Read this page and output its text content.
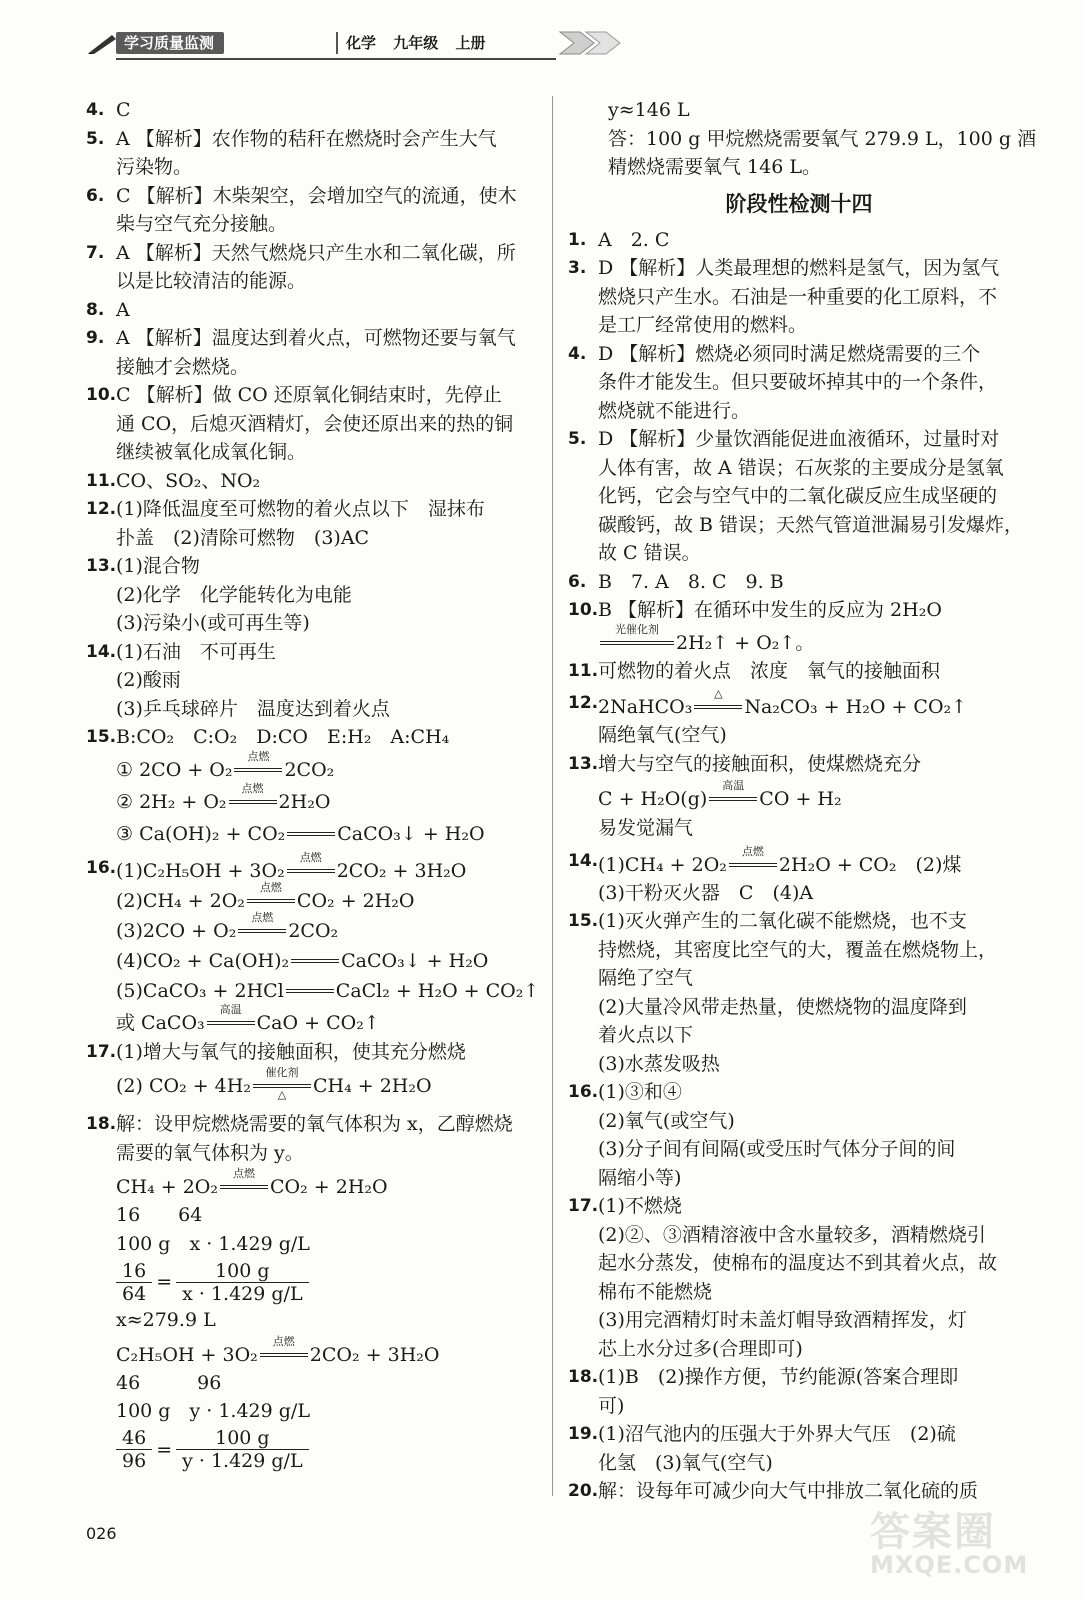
学习质量监测	化学 九年级 上册
4. C
5. A 【解析】农作物的秸秆在燃烧时会产生大气
污染物。
6. C 【解析】木柴架空，会增加空气的流通，使木
柴与空气充分接触。
7. A 【解析】天然气燃烧只产生水和二氧化碳，所
以是比较清洁的能源。
8. A
9. A 【解析】温度达到着火点，可燃物还要与氧气
接触才会燃烧。
10. C 【解析】做 CO 还原氧化铜结束时，先停止
通 CO，后熄灭酒精灯，会使还原出来的热的铜
继续被氧化成氧化铜。
11. CO、SO₂、NO₂
12. (1)降低温度至可燃物的着火点以下　湿抹布
扑盖　(2)清除可燃物　(3)AC
13. (1)混合物
(2)化学　化学能转化为电能
(3)污染小(或可再生等)
14. (1)石油　不可再生
(2)酸雨
(3)乒乓球碎片　温度达到着火点
15. B:CO₂　C:O₂　D:CO　E:H₂　A:CH₄
① 2CO + O₂
点燃
2CO₂
② 2H₂ + O₂
点燃
2H₂O
③ Ca(OH)₂ + CO₂	CaCO₃↓ + H₂O
16. (1)C₂H₅OH + 3O₂
点燃
2CO₂ + 3H₂O
(2)CH₄ + 2O₂
点燃
CO₂ + 2H₂O
(3)2CO + O₂
点燃
2CO₂
(4)CO₂ + Ca(OH)₂	CaCO₃↓ + H₂O
(5)CaCO₃ + 2HCl	CaCl₂ + H₂O + CO₂↑
或 CaCO₃
高温
CaO + CO₂↑
17. (1)增大与氧气的接触面积，使其充分燃烧
(2) CO₂ + 4H₂
催化剂
△	CH₄ + 2H₂O
18. 解：设甲烷燃烧需要的氧气体积为 x，乙醇燃烧
需要的氧气体积为 y。
CH₄ + 2O₂
点燃
CO₂ + 2H₂O
16　　64
100 g　x · 1.429 g/L
$\frac{16}{64} = \frac{100 g}{x \cdot 1.429 g/L}$
x≈279.9 L
C₂H₅OH + 3O₂
点燃
2CO₂ + 3H₂O
46　　　96
100 g　y · 1.429 g/L
$\frac{46}{96} = \frac{100 g}{y \cdot 1.429 g/L}$
y≈146 L
答：100 g 甲烷燃烧需要氧气 279.9 L，100 g 酒
精燃烧需要氧气 146 L。
阶段性检测十四
1. A　2. C
3. D 【解析】人类最理想的燃料是氢气，因为氢气
燃烧只产生水。石油是一种重要的化工原料，不
是工厂经常使用的燃料。
4. D 【解析】燃烧必须同时满足燃烧需要的三个
条件才能发生。但只要破坏掉其中的一个条件，
燃烧就不能进行。
5. D 【解析】少量饮酒能促进血液循环，过量时对
人体有害，故 A 错误；石灰浆的主要成分是氢氧
化钙，它会与空气中的二氧化碳反应生成坚硬的
碳酸钙，故 B 错误；天然气管道泄漏易引发爆炸，
故 C 错误。
6. B　7. A　8. C　9. B
10. B 【解析】在循环中发生的反应为 2H₂O
光催化剂
2H₂↑ + O₂↑。
11. 可燃物的着火点　浓度　氧气的接触面积
12. 2NaHCO₃
△
Na₂CO₃ + H₂O + CO₂↑
隔绝氧气(空气)
13. 增大与空气的接触面积，使煤燃烧充分
C + H₂O(g)
高温
CO + H₂
易发觉漏气
14. (1)CH₄ + 2O₂
点燃
2H₂O + CO₂　(2)煤
(3)干粉灭火器　C　(4)A
15. (1)灭火弹产生的二氧化碳不能燃烧，也不支
持燃烧，其密度比空气的大，覆盖在燃烧物上，
隔绝了空气
(2)大量冷风带走热量，使燃烧物的温度降到
着火点以下
(3)水蒸发吸热
16. (1)③和④
(2)氧气(或空气)
(3)分子间有间隔(或受压时气体分子间的间
隔缩小等)
17. (1)不燃烧
(2)②、③酒精溶液中含水量较多，酒精燃烧引
起水分蒸发，使棉布的温度达不到其着火点，故
棉布不能燃烧
(3)用完酒精灯时未盖灯帽导致酒精挥发，灯
芯上水分过多(合理即可)
18. (1)B　(2)操作方便，节约能源(答案合理即
可)
19. (1)沼气池内的压强大于外界大气压　(2)硫
化氢　(3)氧气(空气)
20. 解：设每年可减少向大气中排放二氧化硫的质
026	答案圈
MXQE.COM
